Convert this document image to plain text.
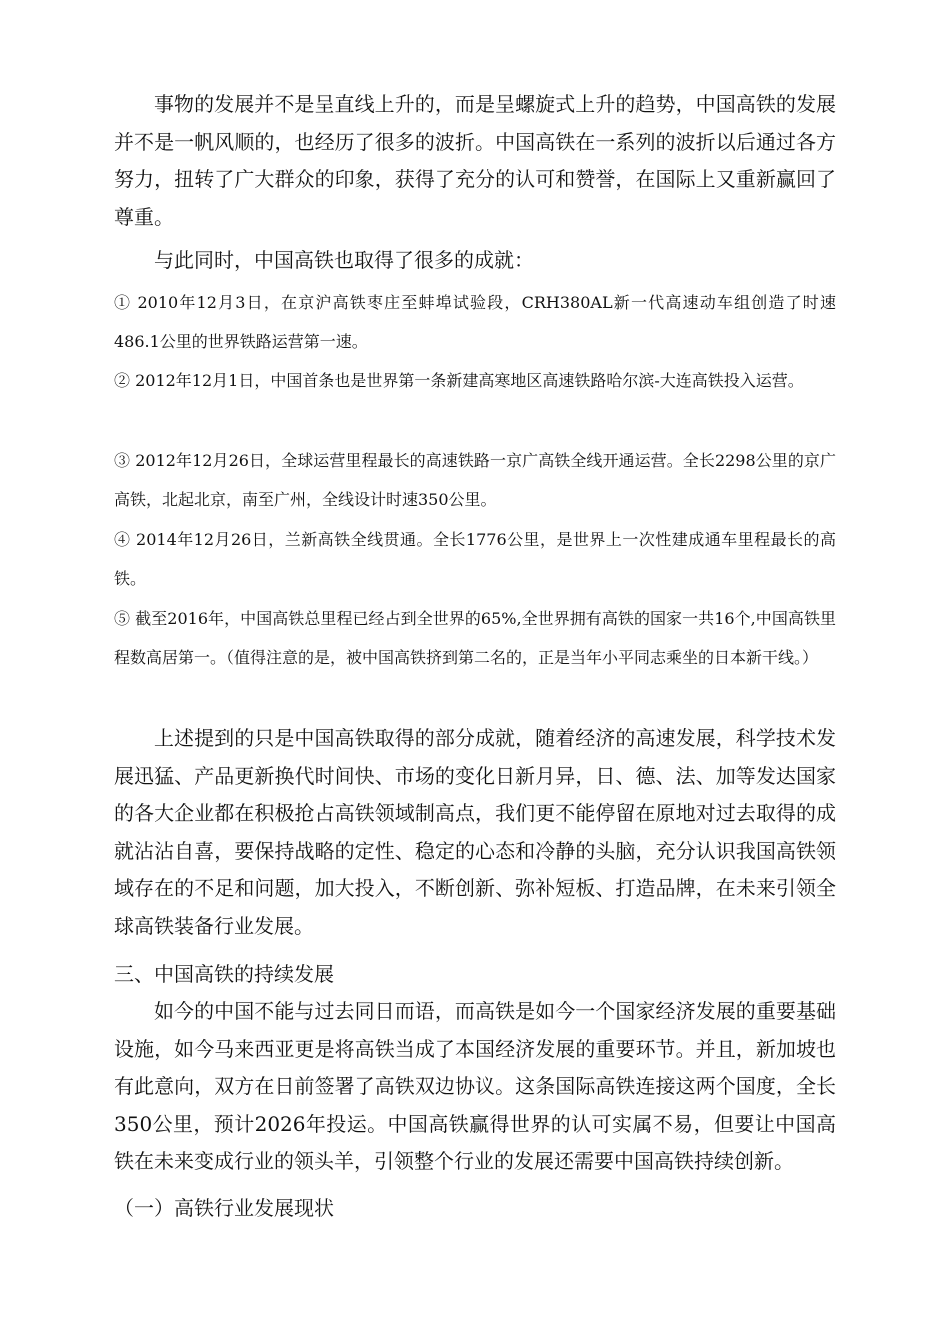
事物的发展并不是呈直线上升的，而是呈螺旋式上升的趋势，中国高铁的发展并不是一帆风顺的，也经历了很多的波折。中国高铁在一系列的波折以后通过各方努力，扭转了广大群众的印象，获得了充分的认可和赞誉，在国际上又重新赢回了尊重。

与此同时，中国高铁也取得了很多的成就：

① 2010年12月3日，在京沪高铁枣庄至蚌埠试验段，CRH380AL新一代高速动车组创造了时速486.1公里的世界铁路运营第一速。

② 2012年12月1日，中国首条也是世界第一条新建高寒地区高速铁路哈尔滨-大连高铁投入运营。

③ 2012年12月26日，全球运营里程最长的高速铁路一京广高铁全线开通运营。全长2298公里的京广高铁，北起北京，南至广州，全线设计时速350公里。

④ 2014年12月26日，兰新高铁全线贯通。全长1776公里，是世界上一次性建成通车里程最长的高铁。

⑤ 截至2016年，中国高铁总里程已经占到全世界的65%,全世界拥有高铁的国家一共16个,中国高铁里程数高居第一。（值得注意的是，被中国高铁挤到第二名的，正是当年小平同志乘坐的日本新干线。）

上述提到的只是中国高铁取得的部分成就，随着经济的高速发展，科学技术发展迅猛、产品更新换代时间快、市场的变化日新月异，日、德、法、加等发达国家的各大企业都在积极抢占高铁领域制高点，我们更不能停留在原地对过去取得的成就沾沾自喜，要保持战略的定性、稳定的心态和冷静的头脑，充分认识我国高铁领域存在的不足和问题，加大投入，不断创新、弥补短板、打造品牌，在未来引领全球高铁装备行业发展。

三、中国高铁的持续发展

如今的中国不能与过去同日而语，而高铁是如今一个国家经济发展的重要基础设施，如今马来西亚更是将高铁当成了本国经济发展的重要环节。并且，新加坡也有此意向，双方在日前签署了高铁双边协议。这条国际高铁连接这两个国度，全长350公里，预计2026年投运。中国高铁赢得世界的认可实属不易，但要让中国高铁在未来变成行业的领头羊，引领整个行业的发展还需要中国高铁持续创新。

（一）高铁行业发展现状
